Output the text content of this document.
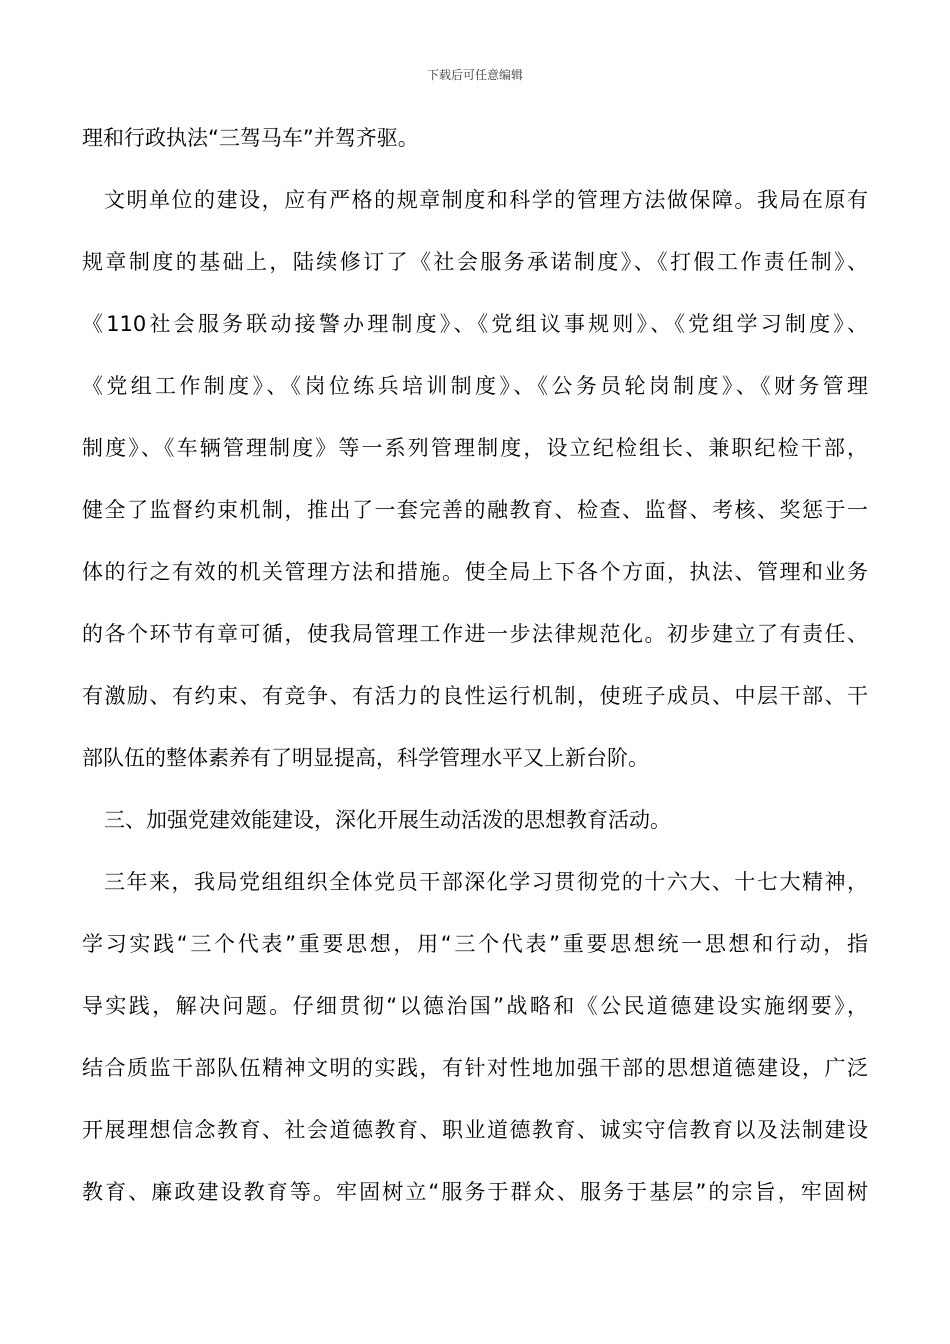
下载后可任意编辑
理和行政执法“三驾马车”并驾齐驱。
文明单位的建设，应有严格的规章制度和科学的管理方法做保障。我局在原有
规章制度的基础上，陆续修订了《社会服务承诺制度》、《打假工作责任制》、
《110社会服务联动接警办理制度》、《党组议事规则》、《党组学习制度》、
《党组工作制度》、《岗位练兵培训制度》、《公务员轮岗制度》、《财务管理
制度》、《车辆管理制度》等一系列管理制度，设立纪检组长、兼职纪检干部，
健全了监督约束机制，推出了一套完善的融教育、检查、监督、考核、奖惩于一
体的行之有效的机关管理方法和措施。使全局上下各个方面，执法、管理和业务
的各个环节有章可循，使我局管理工作进一步法律规范化。初步建立了有责任、
有激励、有约束、有竞争、有活力的良性运行机制，使班子成员、中层干部、干
部队伍的整体素养有了明显提高，科学管理水平又上新台阶。
三、加强党建效能建设，深化开展生动活泼的思想教育活动。
三年来，我局党组组织全体党员干部深化学习贯彻党的十六大、十七大精神，
学习实践“三个代表”重要思想，用“三个代表”重要思想统一思想和行动，指
导实践，解决问题。仔细贯彻“以德治国”战略和《公民道德建设实施纲要》，
结合质监干部队伍精神文明的实践，有针对性地加强干部的思想道德建设，广泛
开展理想信念教育、社会道德教育、职业道德教育、诚实守信教育以及法制建设
教育、廉政建设教育等。牢固树立“服务于群众、服务于基层”的宗旨，牢固树
